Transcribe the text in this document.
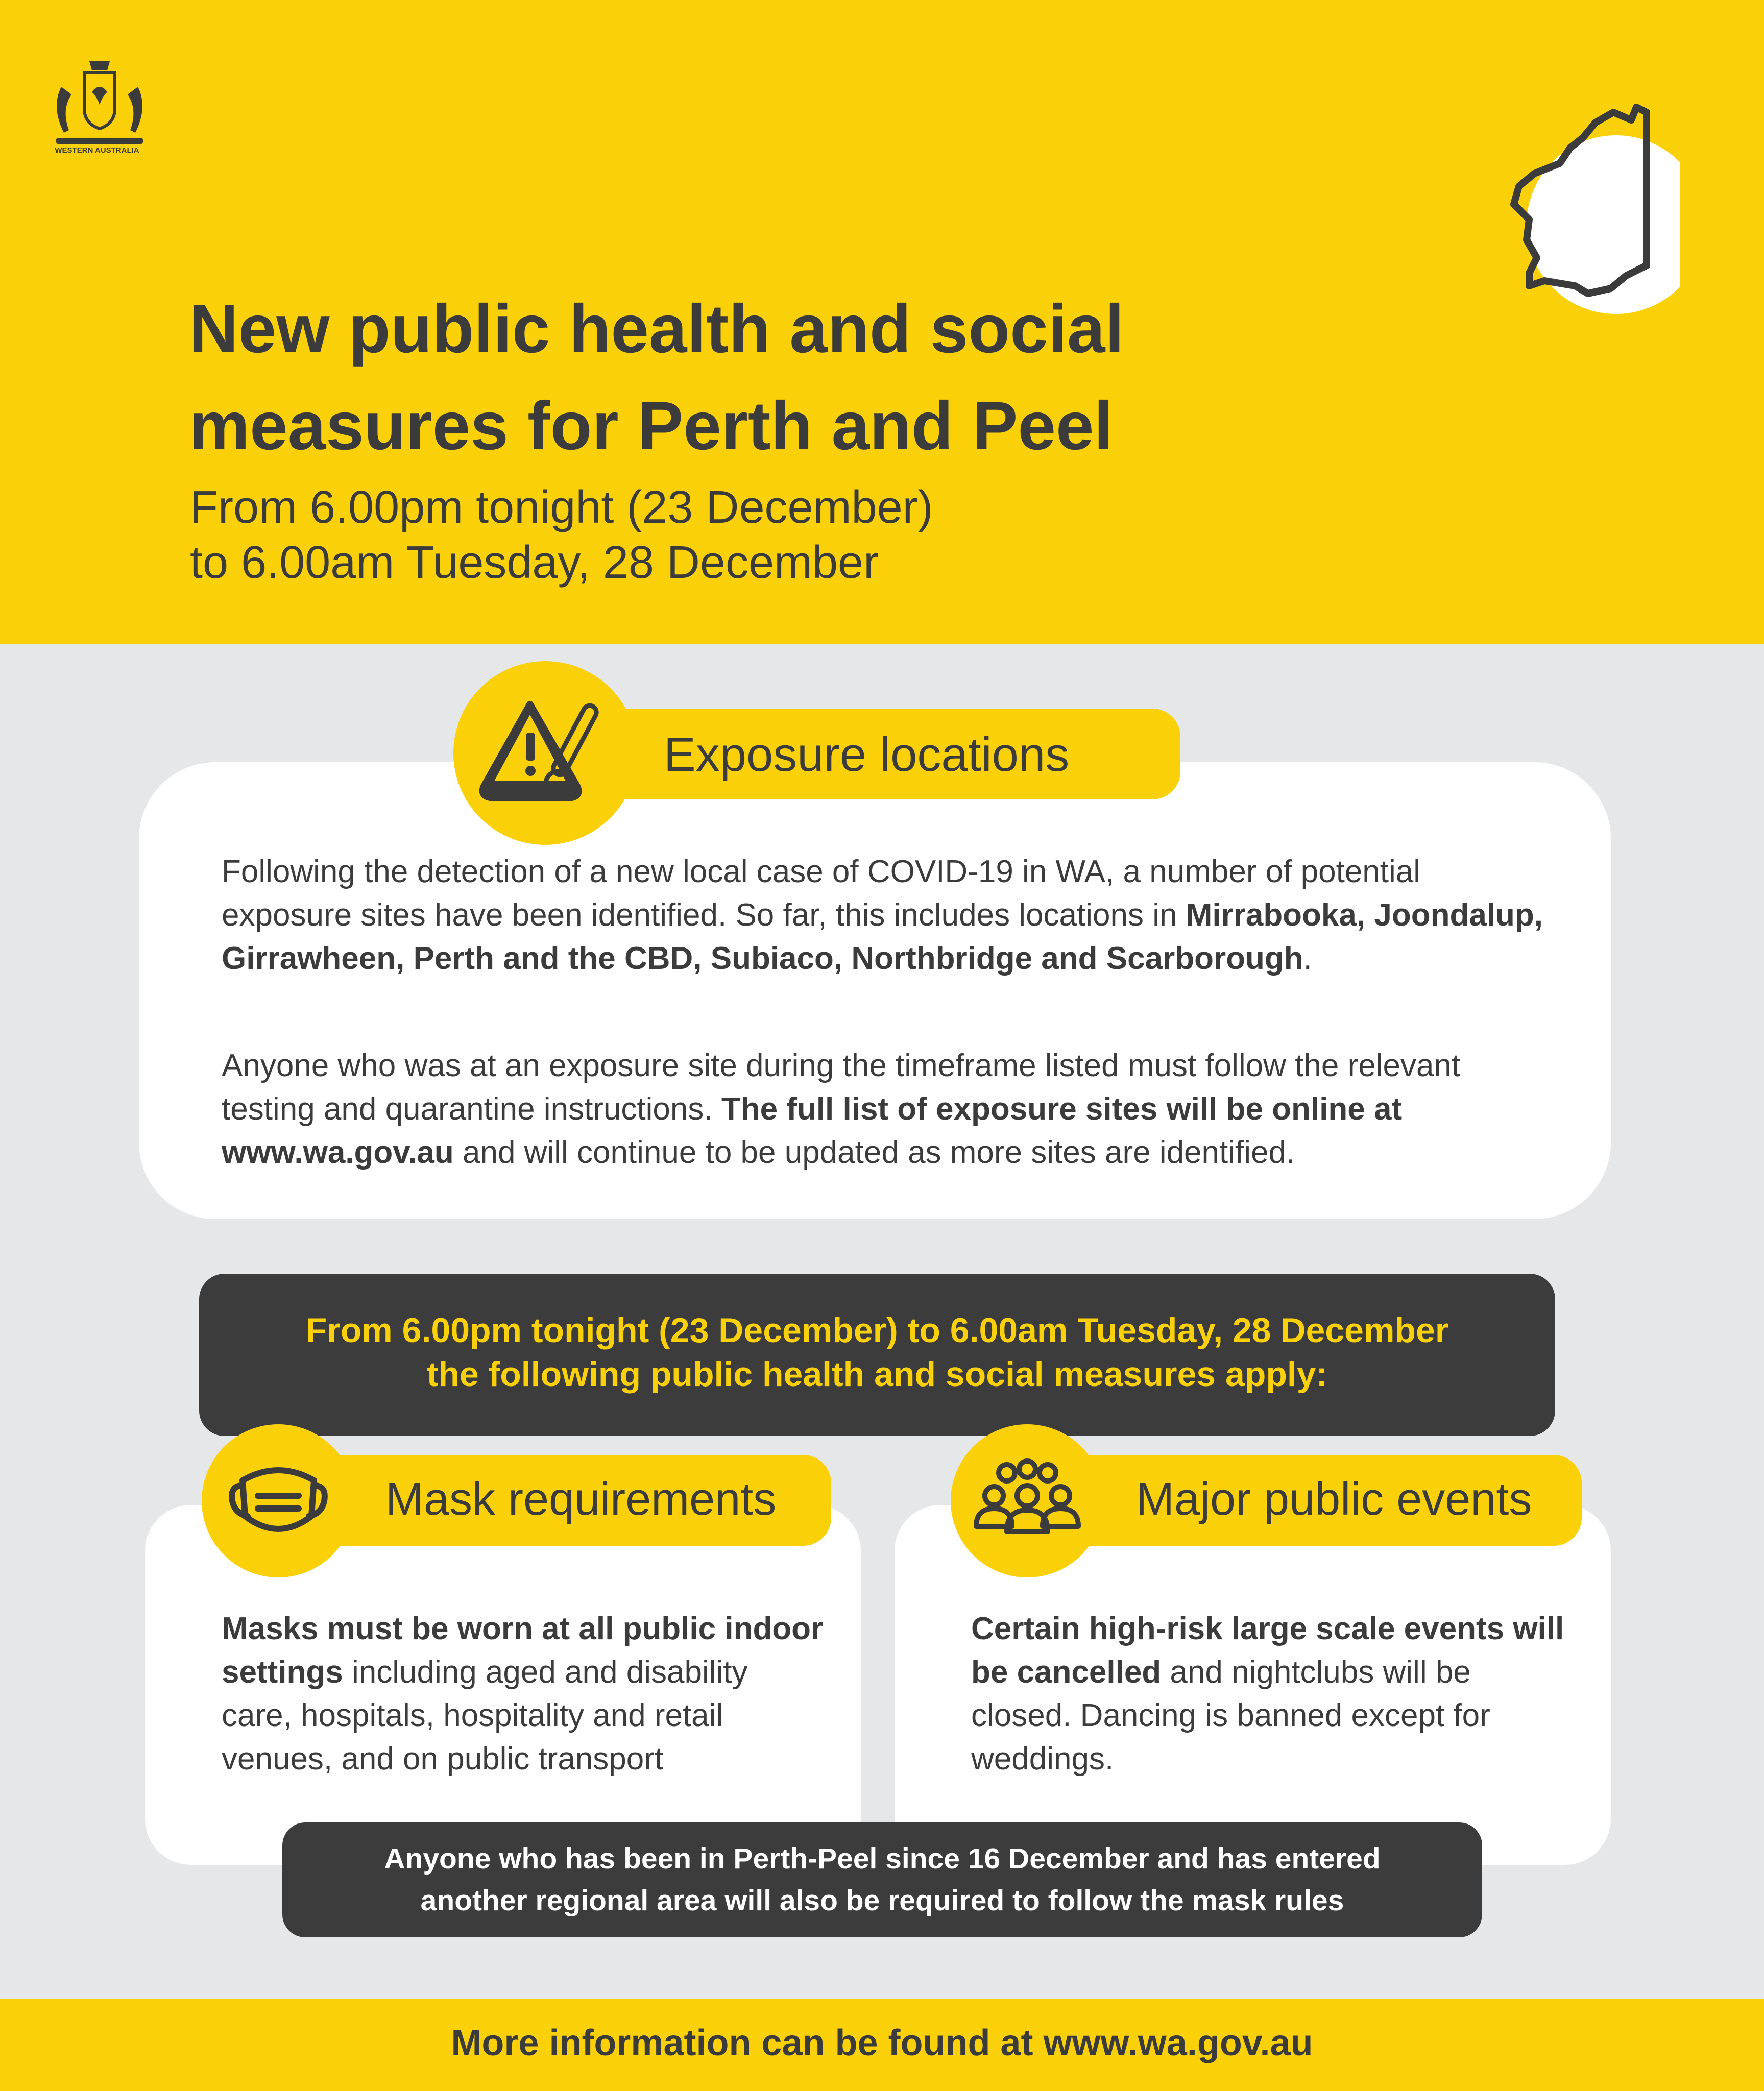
GOVERNMENT OF
WESTERN AUSTRALIA
New public health and social
measures for Perth and Peel
From 6.00pm tonight (23 December)
to 6.00am Tuesday, 28 December
Exposure locations

Following the detection of a new local case of COVID-19 in WA, a number of potential exposure sites have been identified. So far, this includes locations in Mirrabooka, Joondalup, Girrawheen, Perth and the CBD, Subiaco, Northbridge and Scarborough.

Anyone who was at an exposure site during the timeframe listed must follow the relevant testing and quarantine instructions. The full list of exposure sites will be online at www.wa.gov.au and will continue to be updated as more sites are identified.

From 6.00pm tonight (23 December) to 6.00am Tuesday, 28 December
the following public health and social measures apply:
Mask requirements

Masks must be worn at all public indoor settings including aged and disability care, hospitals, hospitality and retail venues, and on public transport

Major public events

Certain high-risk large scale events will be cancelled and nightclubs will be closed. Dancing is banned except for weddings.

Anyone who has been in Perth-Peel since 16 December and has entered
another regional area will also be required to follow the mask rules

More information can be found at www.wa.gov.au
